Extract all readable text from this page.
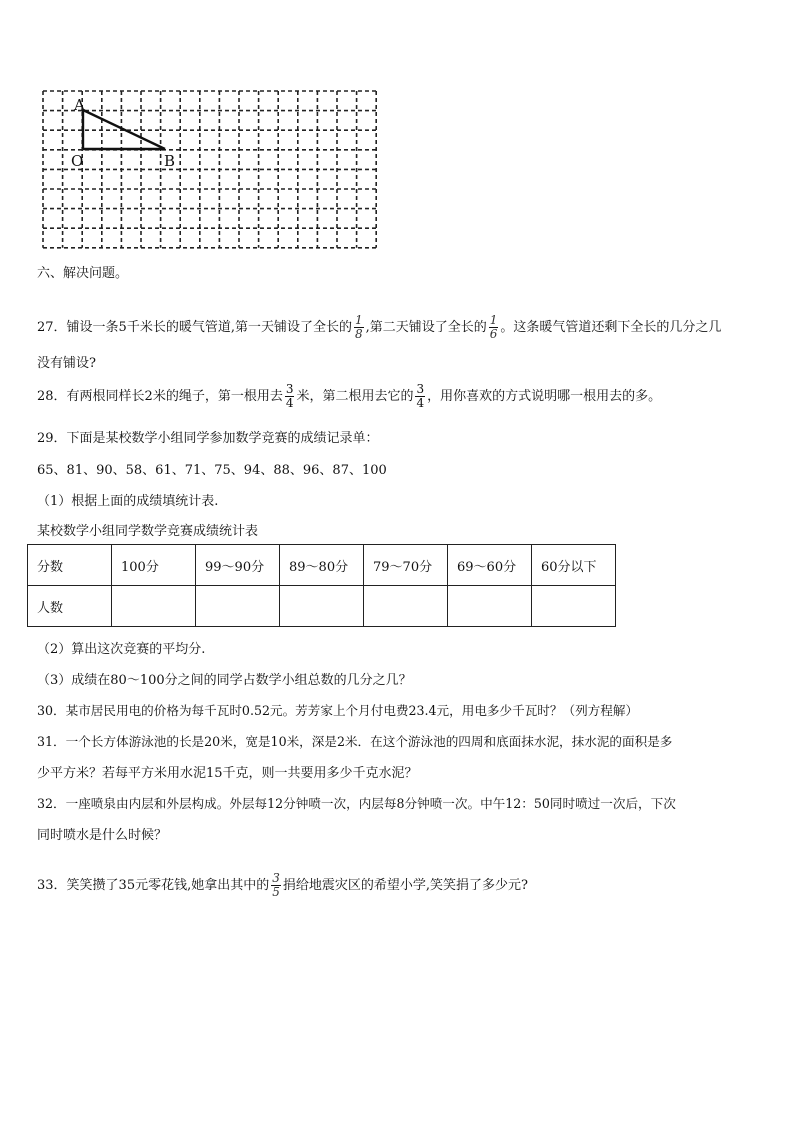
A
O	B
六、解决问题。
27．铺设一条5千米长的暖气管道,第一天铺设了全长的 $\frac{1}{8}$ ,第二天铺设了全长的 $\frac{1}{6}$ 。这条暖气管道还剩下全长的几分之几
没有铺设?
28．有两根同样长2米的绳子，第一根用去 $\frac{3}{4}$ 米，第二根用去它的 $\frac{3}{4}$ ，用你喜欢的方式说明哪一根用去的多。
29．下面是某校数学小组同学参加数学竞赛的成绩记录单：
65、81、90、58、61、71、75、94、88、96、87、100
（1）根据上面的成绩填统计表.
某校数学小组同学数学竞赛成绩统计表
分数	100分	99～90分	89～80分	79～70分	69～60分	60分以下
人数						
（2）算出这次竞赛的平均分.
（3）成绩在80～100分之间的同学占数学小组总数的几分之几？
30．某市居民用电的价格为每千瓦时0.52元。芳芳家上个月付电费23.4元，用电多少千瓦时？（列方程解）
31．一个长方体游泳池的长是20米，宽是10米，深是2米．在这个游泳池的四周和底面抹水泥，抹水泥的面积是多
少平方米？若每平方米用水泥15千克，则一共要用多少千克水泥？
32．一座喷泉由内层和外层构成。外层每12分钟喷一次，内层每8分钟喷一次。中午12：50同时喷过一次后，下次
同时喷水是什么时候？
33．笑笑攒了35元零花钱,她拿出其中的 $\frac{3}{5}$ 捐给地震灾区的希望小学,笑笑捐了多少元?
